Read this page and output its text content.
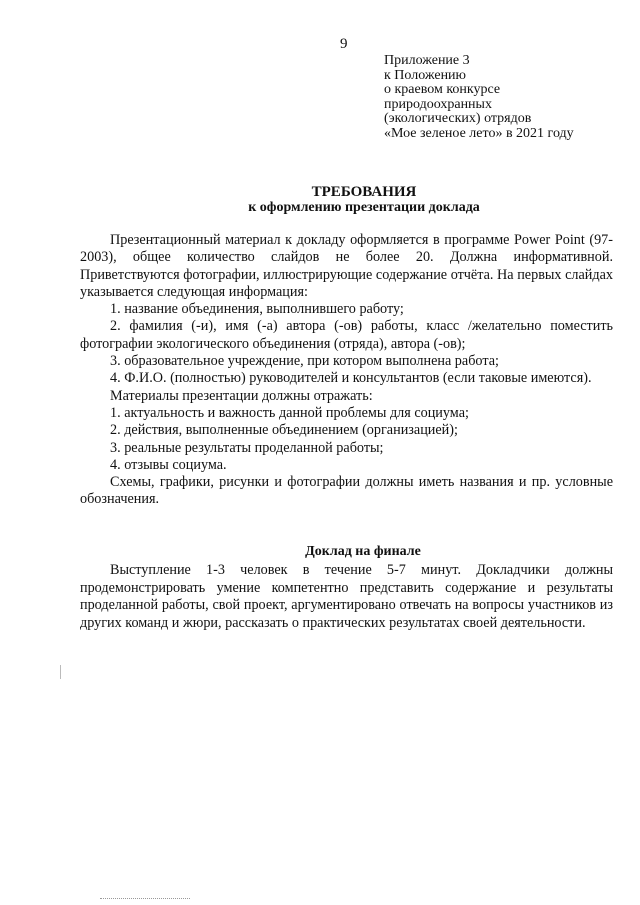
9
Приложение 3
к Положению
о краевом конкурсе
природоохранных
(экологических) отрядов
«Мое зеленое лето» в 2021 году
ТРЕБОВАНИЯ
к оформлению презентации доклада

Презентационный материал к докладу оформляется в программе Power Point (97-2003), общее количество слайдов не более 20. Должна информативной. Приветствуются фотографии, иллюстрирующие содержание отчёта. На первых слайдах указывается следующая информация:

1. название объединения, выполнившего работу;

2. фамилия (-и), имя (-а) автора (-ов) работы, класс /желательно поместить фотографии экологического объединения (отряда), автора (-ов);

3. образовательное учреждение, при котором выполнена работа;

4. Ф.И.О. (полностью) руководителей и консультантов (если таковые имеются).

Материалы презентации должны отражать:

1. актуальность и важность данной проблемы для социума;

2. действия, выполненные объединением (организацией);

3. реальные результаты проделанной работы;

4. отзывы социума.

Схемы, графики, рисунки и фотографии должны иметь названия и пр. условные обозначения.

Доклад на финале

Выступление 1-3 человек в течение 5-7 минут. Докладчики должны продемонстрировать умение компетентно представить содержание и результаты проделанной работы, свой проект, аргументировано отвечать на вопросы участников из других команд и жюри, рассказать о практических результатах своей деятельности.
